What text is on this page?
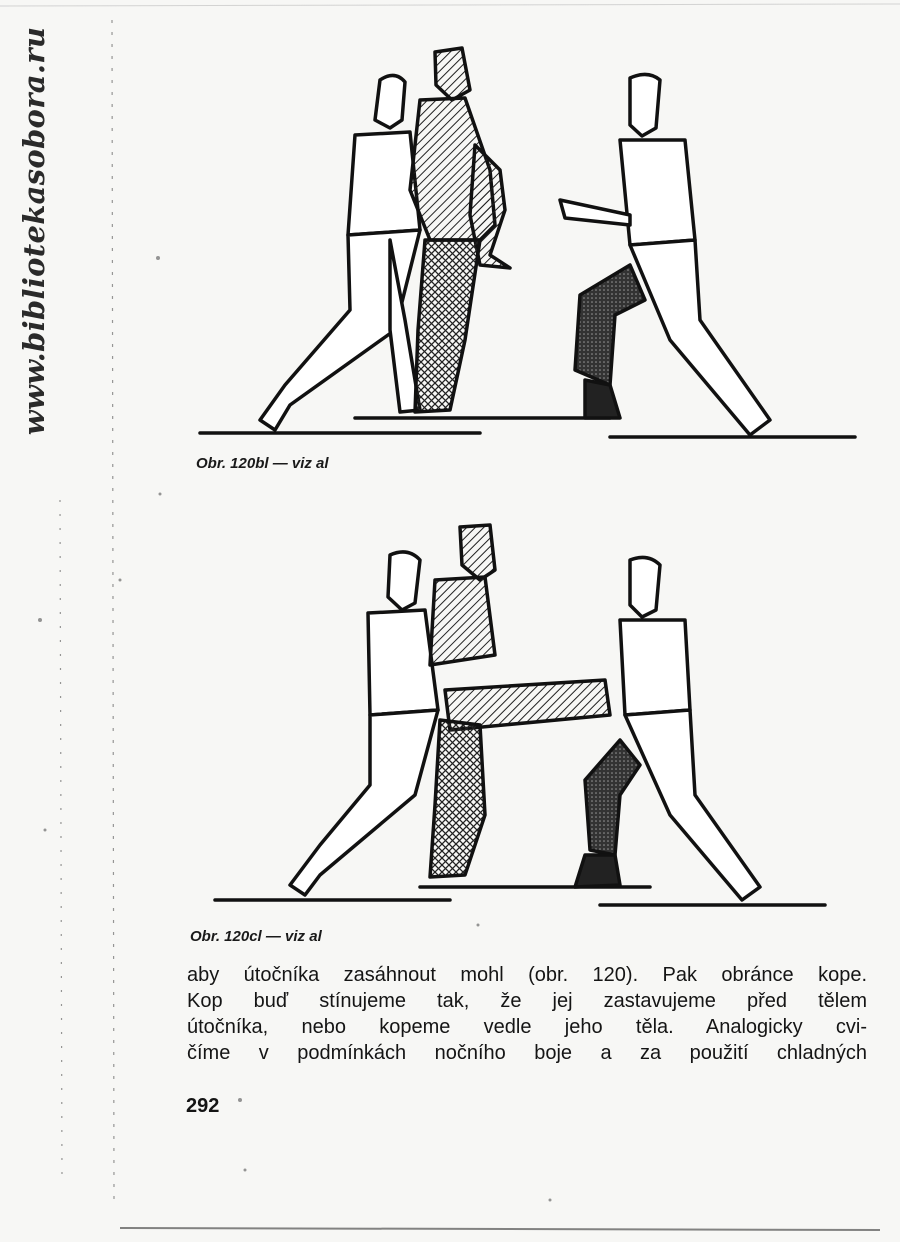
www.bibliotekasobora.ru
Obr. 120bl — viz al
Obr. 120cl — viz al
aby útočníka zasáhnout mohl (obr. 120). Pak obránce kope.
Kop buď stínujeme tak, že jej zastavujeme před tělem
útočníka, nebo kopeme vedle jeho těla. Analogicky cvi-
číme v podmínkách nočního boje a za použití chladných
292
